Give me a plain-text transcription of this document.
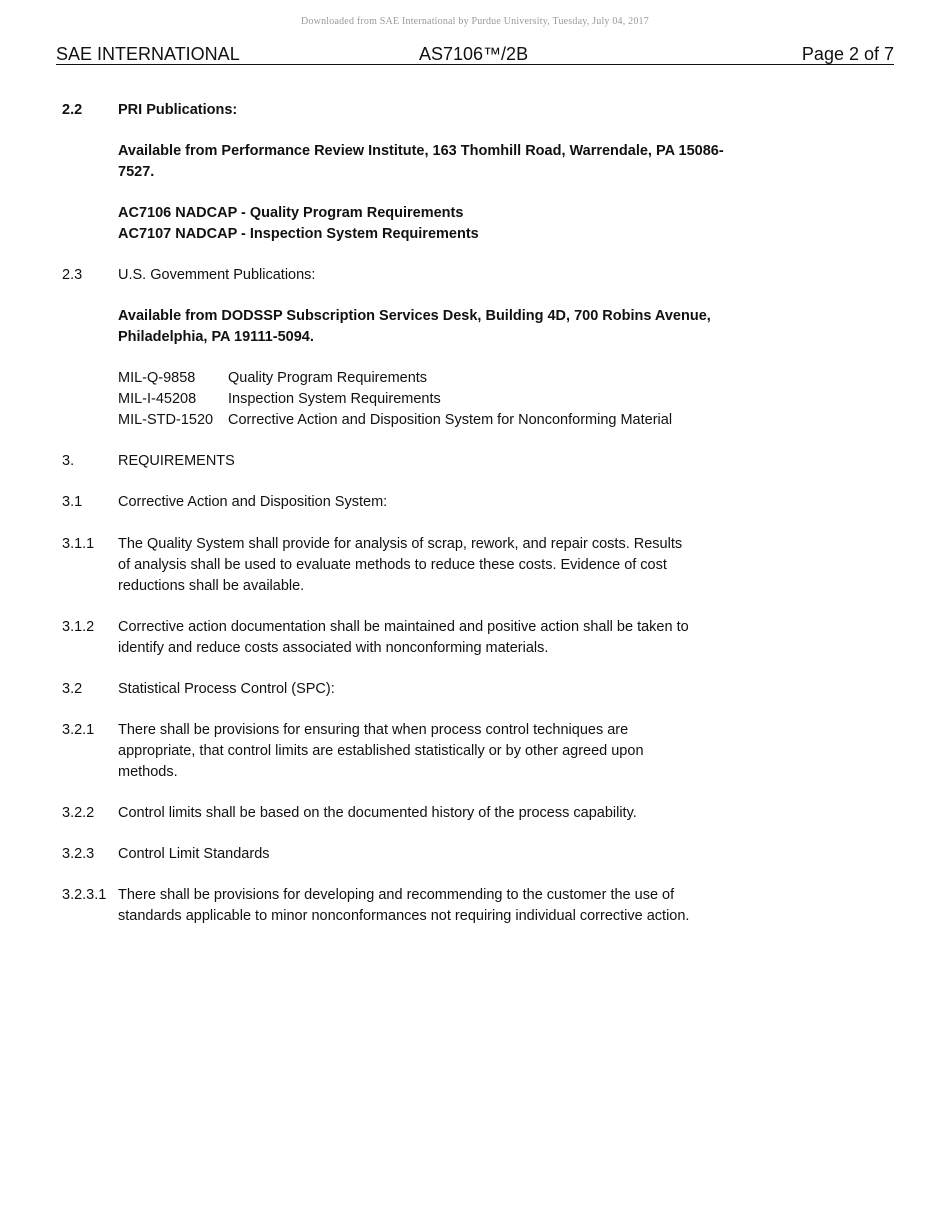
Downloaded from SAE International by Purdue University, Tuesday, July 04, 2017
SAE INTERNATIONAL	AS7106™/2B	Page 2 of 7
2.2 PRI Publications:
Available from Performance Review Institute, 163 Thomhill Road, Warrendale, PA 15086-
7527.
AC7106 NADCAP - Quality Program Requirements
AC7107 NADCAP - Inspection System Requirements
2.3 U.S. Govemment Publications:
Available from DODSSP Subscription Services Desk, Building 4D, 700 Robins Avenue,
Philadelphia, PA 19111-5094.
MIL-Q-9858 Quality Program Requirements
MIL-I-45208 Inspection System Requirements
MIL-STD-1520 Corrective Action and Disposition System for Nonconforming Material
3.	REQUIREMENTS
3.1 Corrective Action and Disposition System:
3.1.1 The Quality System shall provide for analysis of scrap, rework, and repair costs. Results
of analysis shall be used to evaluate methods to reduce these costs. Evidence of cost
reductions shall be available.
3.1.2 Corrective action documentation shall be maintained and positive action shall be taken to
identify and reduce costs associated with nonconforming materials.
3.2 Statistical Process Control (SPC):
3.2.1 There shall be provisions for ensuring that when process control techniques are
appropriate, that control limits are established statistically or by other agreed upon
methods.
3.2.2 Control limits shall be based on the documented history of the process capability.
3.2.3 Control Limit Standards
3.2.3.1 There shall be provisions for developing and recommending to the customer the use of
standards applicable to minor nonconformances not requiring individual corrective action.
